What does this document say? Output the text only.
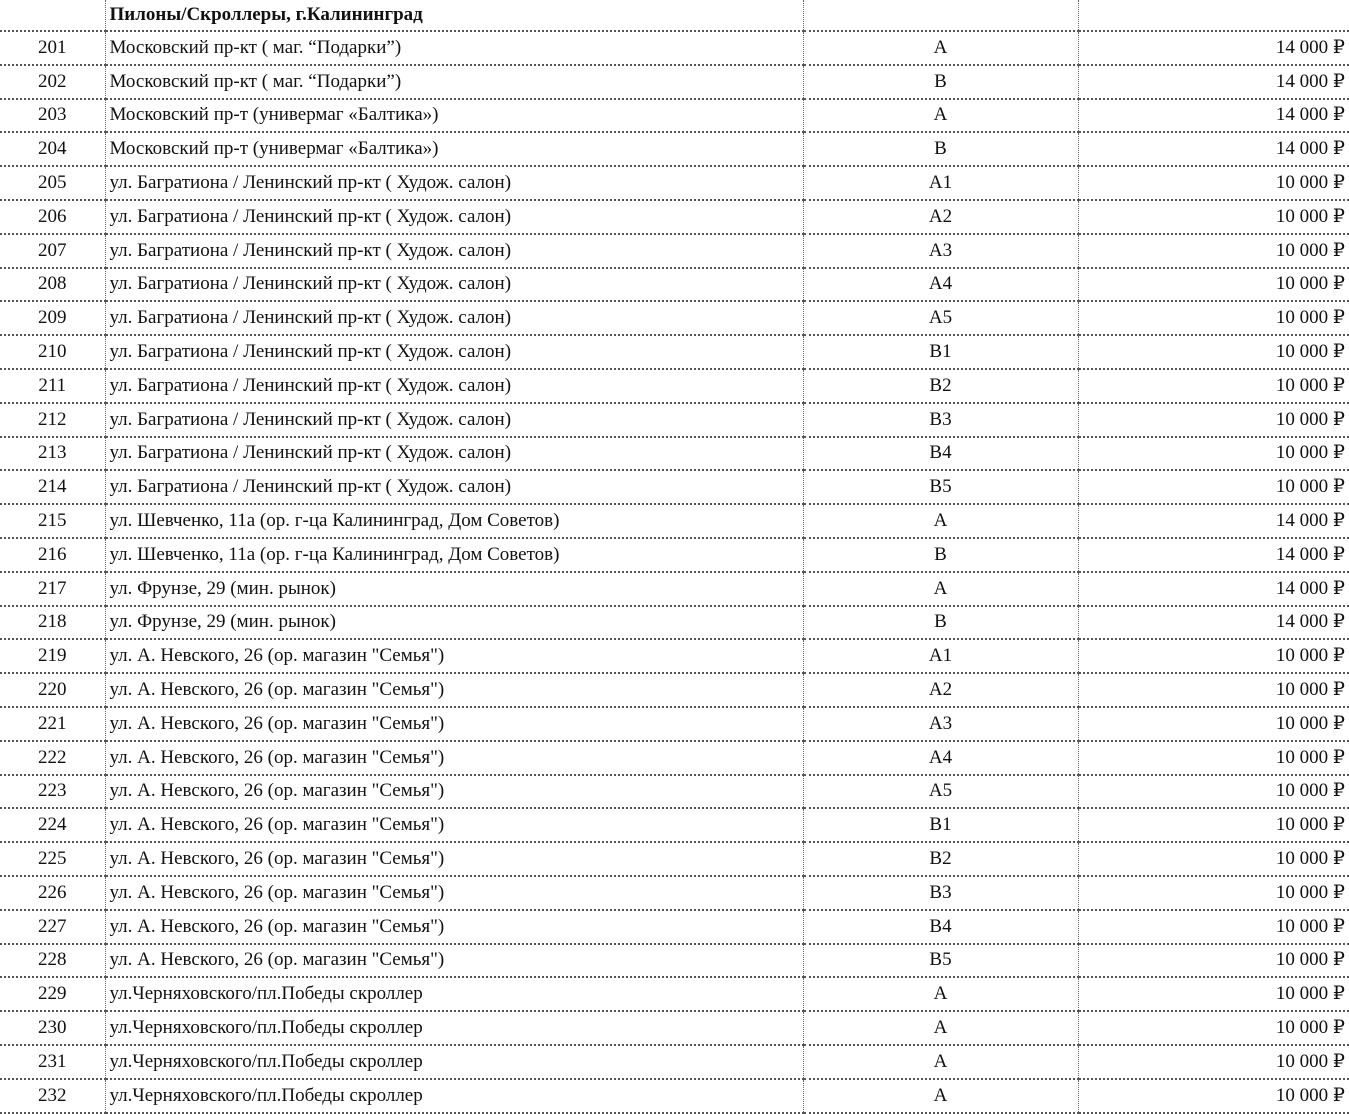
	Пилоны/Скроллеры, г.Калининград		
201	Московский пр-кт ( маг. “Подарки”)	А	14 000 ₽
202	Московский пр-кт ( маг. “Подарки”)	В	14 000 ₽
203	Московский пр-т (универмаг «Балтика»)	А	14 000 ₽
204	Московский пр-т (универмаг «Балтика»)	В	14 000 ₽
205	ул. Багратиона / Ленинский пр-кт ( Худож. салон)	А1	10 000 ₽
206	ул. Багратиона / Ленинский пр-кт ( Худож. салон)	А2	10 000 ₽
207	ул. Багратиона / Ленинский пр-кт ( Худож. салон)	А3	10 000 ₽
208	ул. Багратиона / Ленинский пр-кт ( Худож. салон)	А4	10 000 ₽
209	ул. Багратиона / Ленинский пр-кт ( Худож. салон)	А5	10 000 ₽
210	ул. Багратиона / Ленинский пр-кт ( Худож. салон)	В1	10 000 ₽
211	ул. Багратиона / Ленинский пр-кт ( Худож. салон)	В2	10 000 ₽
212	ул. Багратиона / Ленинский пр-кт ( Худож. салон)	В3	10 000 ₽
213	ул. Багратиона / Ленинский пр-кт ( Худож. салон)	В4	10 000 ₽
214	ул. Багратиона / Ленинский пр-кт ( Худож. салон)	В5	10 000 ₽
215	ул. Шевченко, 11а (ор. г-ца Калининград, Дом Советов)	А	14 000 ₽
216	ул. Шевченко, 11а (ор. г-ца Калининград, Дом Советов)	В	14 000 ₽
217	ул. Фрунзе, 29 (мин. рынок)	А	14 000 ₽
218	ул. Фрунзе, 29 (мин. рынок)	В	14 000 ₽
219	ул. А. Невского, 26 (ор. магазин "Семья")	А1	10 000 ₽
220	ул. А. Невского, 26 (ор. магазин "Семья")	А2	10 000 ₽
221	ул. А. Невского, 26 (ор. магазин "Семья")	А3	10 000 ₽
222	ул. А. Невского, 26 (ор. магазин "Семья")	А4	10 000 ₽
223	ул. А. Невского, 26 (ор. магазин "Семья")	А5	10 000 ₽
224	ул. А. Невского, 26 (ор. магазин "Семья")	В1	10 000 ₽
225	ул. А. Невского, 26 (ор. магазин "Семья")	В2	10 000 ₽
226	ул. А. Невского, 26 (ор. магазин "Семья")	В3	10 000 ₽
227	ул. А. Невского, 26 (ор. магазин "Семья")	В4	10 000 ₽
228	ул. А. Невского, 26 (ор. магазин "Семья")	В5	10 000 ₽
229	ул.Черняховского/пл.Победы скроллер	А	10 000 ₽
230	ул.Черняховского/пл.Победы скроллер	А	10 000 ₽
231	ул.Черняховского/пл.Победы скроллер	А	10 000 ₽
232	ул.Черняховского/пл.Победы скроллер	А	10 000 ₽
